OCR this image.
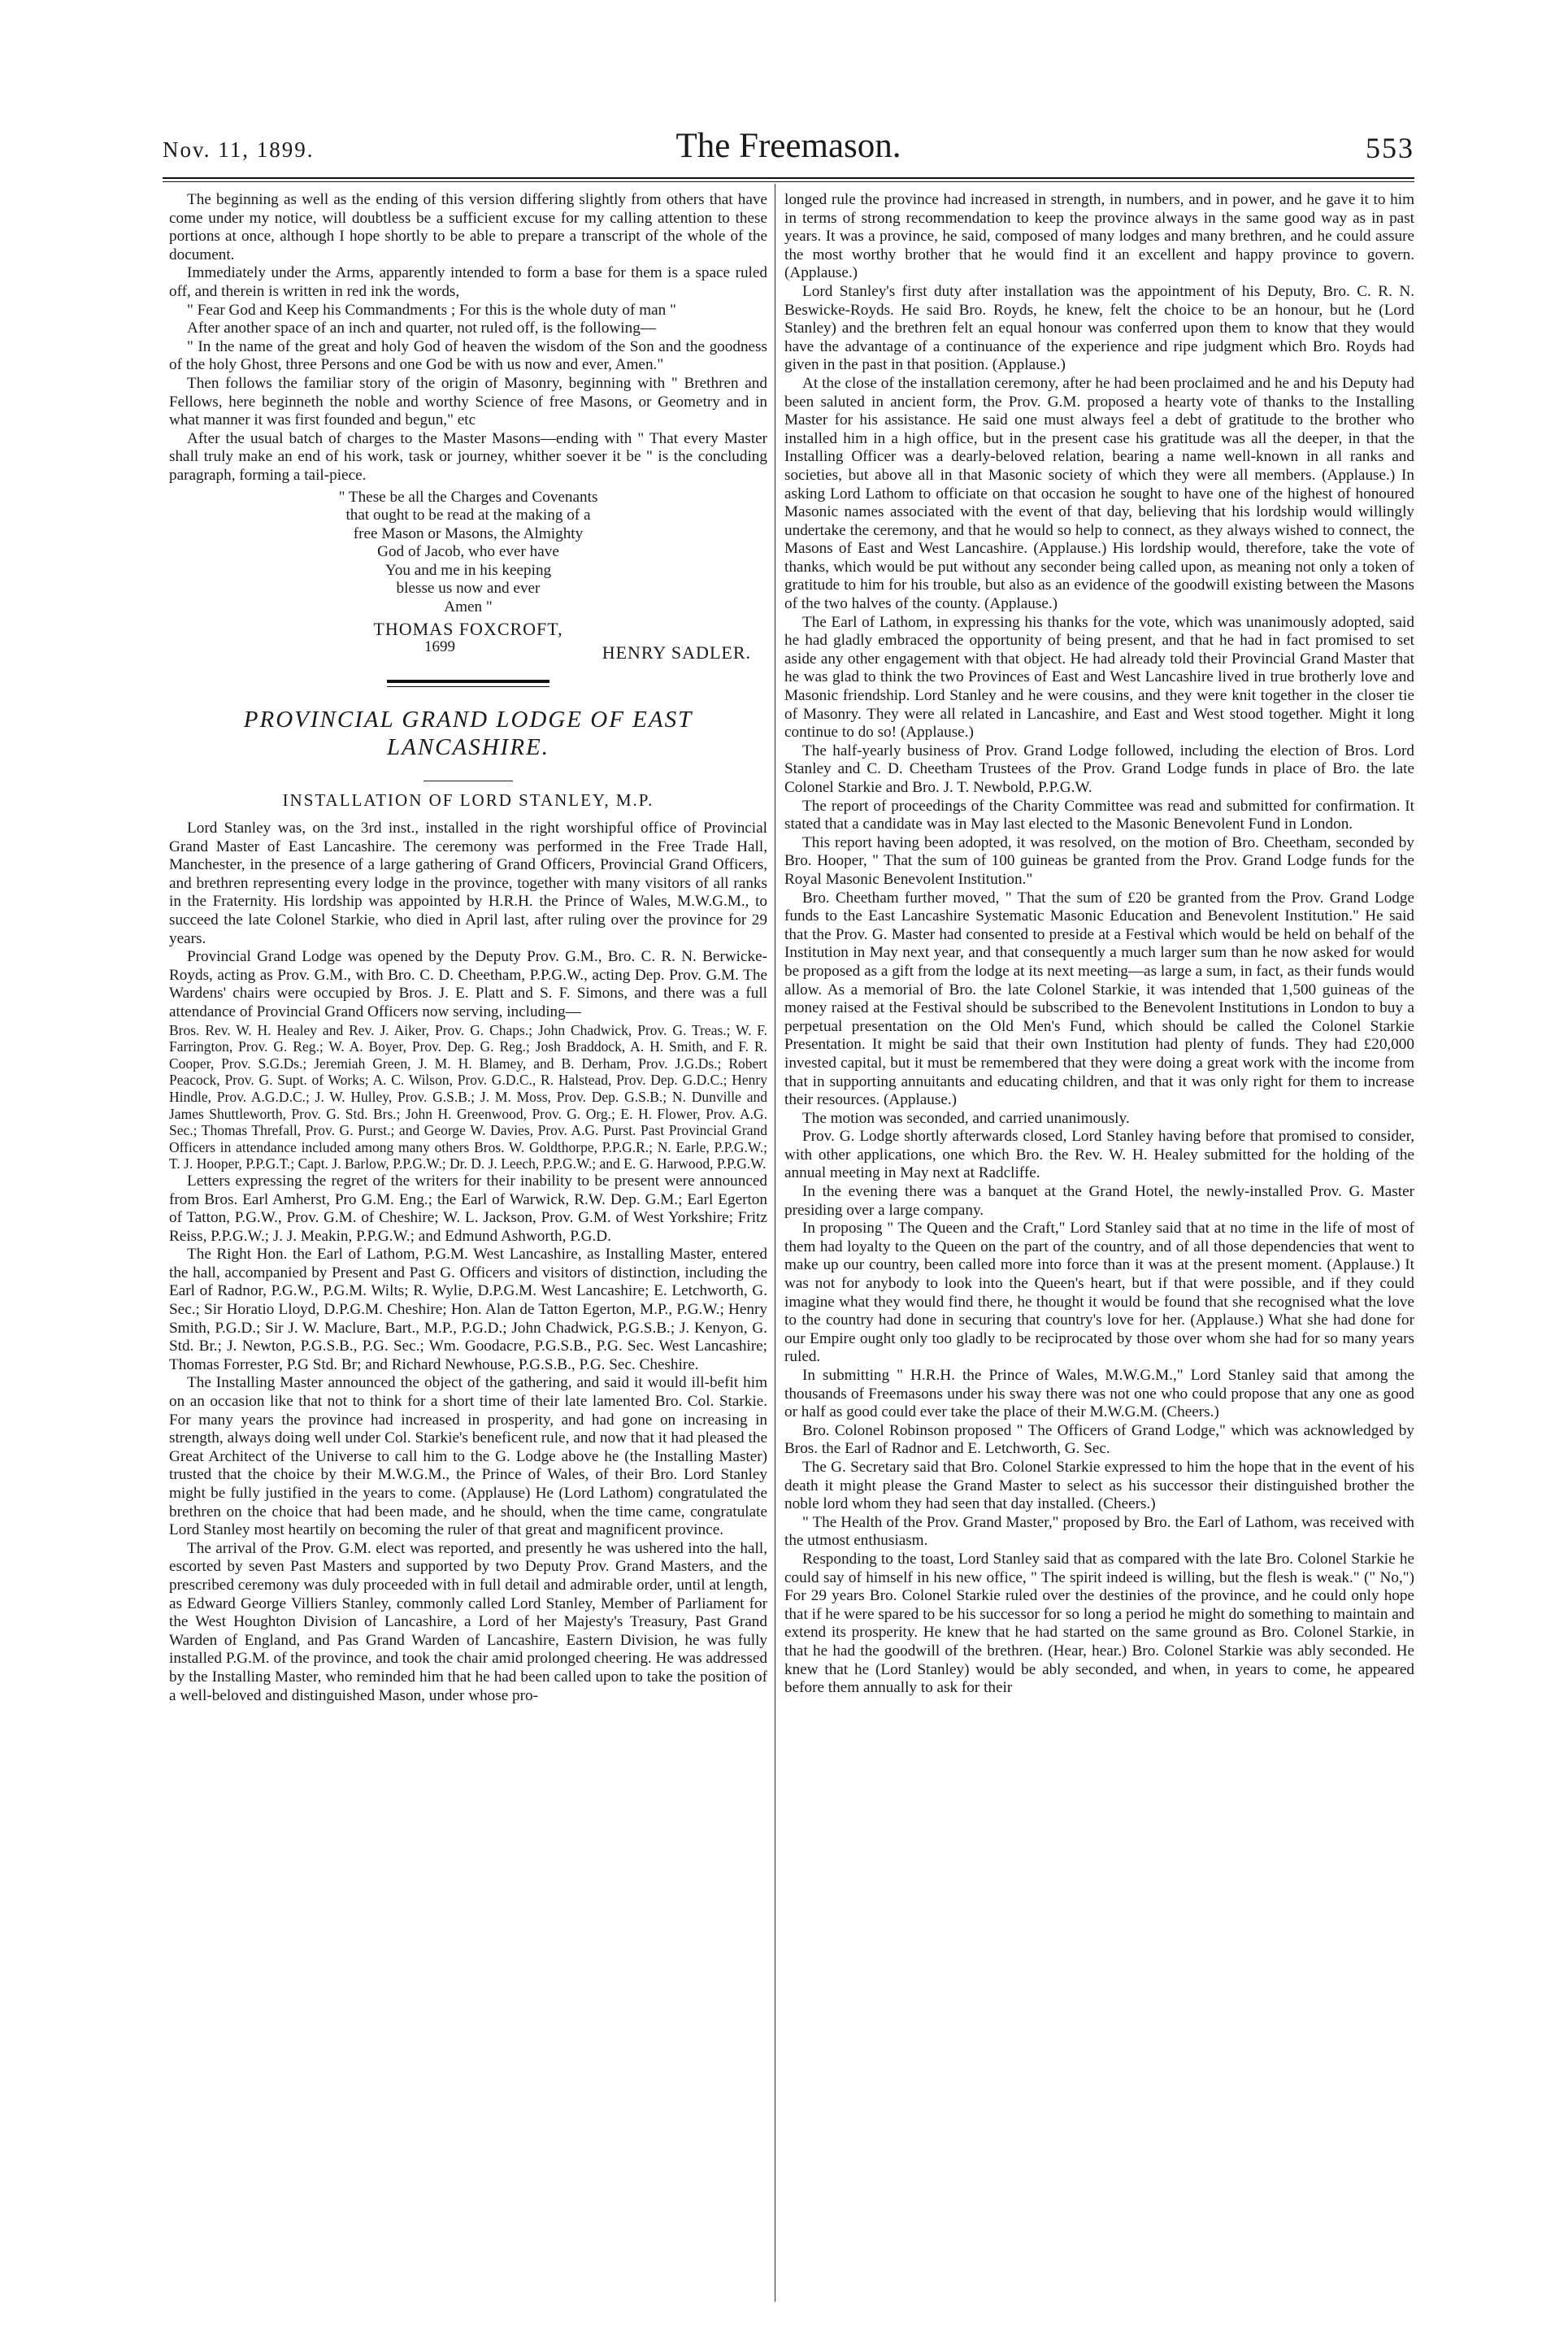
Nov. 11, 1899.	The Freemason.	553

The beginning as well as the ending of this version differing slightly from others that have come under my notice, will doubtless be a sufficient excuse for my calling attention to these portions at once, although I hope shortly to be able to prepare a transcript of the whole of the document.

Immediately under the Arms, apparently intended to form a base for them is a space ruled off, and therein is written in red ink the words,

" Fear God and Keep his Commandments ; For this is the whole duty of man "

After another space of an inch and quarter, not ruled off, is the following—

" In the name of the great and holy God of heaven the wisdom of the Son and the goodness of the holy Ghost, three Persons and one God be with us now and ever, Amen."

Then follows the familiar story of the origin of Masonry, beginning with " Brethren and Fellows, here beginneth the noble and worthy Science of free Masons, or Geometry and in what manner it was first founded and begun," etc

After the usual batch of charges to the Master Masons—ending with " That every Master shall truly make an end of his work, task or journey, whither soever it be " is the concluding paragraph, forming a tail-piece.

" These be all the Charges and Covenants
that ought to be read at the making of a
free Mason or Masons, the Almighty
God of Jacob, who ever have
You and me in his keeping
blesse us now and ever
Amen "
THOMAS FOXCROFT,
1699	HENRY SADLER.
PROVINCIAL GRAND LODGE OF EAST LANCASHIRE.
INSTALLATION OF LORD STANLEY, M.P.

Lord Stanley was, on the 3rd inst., installed in the right worshipful office of Provincial Grand Master of East Lancashire. The ceremony was performed in the Free Trade Hall, Manchester, in the presence of a large gathering of Grand Officers, Provincial Grand Officers, and brethren representing every lodge in the province, together with many visitors of all ranks in the Fraternity. His lordship was appointed by H.R.H. the Prince of Wales, M.W.G.M., to succeed the late Colonel Starkie, who died in April last, after ruling over the province for 29 years.

Provincial Grand Lodge was opened by the Deputy Prov. G.M., Bro. C. R. N. Berwicke-Royds, acting as Prov. G.M., with Bro. C. D. Cheetham, P.P.G.W., acting Dep. Prov. G.M. The Wardens' chairs were occupied by Bros. J. E. Platt and S. F. Simons, and there was a full attendance of Provincial Grand Officers now serving, including—

Bros. Rev. W. H. Healey and Rev. J. Aiker, Prov. G. Chaps.; John Chadwick, Prov. G. Treas.; W. F. Farrington, Prov. G. Reg.; W. A. Boyer, Prov. Dep. G. Reg.; Josh Braddock, A. H. Smith, and F. R. Cooper, Prov. S.G.Ds.; Jeremiah Green, J. M. H. Blamey, and B. Derham, Prov. J.G.Ds.; Robert Peacock, Prov. G. Supt. of Works; A. C. Wilson, Prov. G.D.C., R. Halstead, Prov. Dep. G.D.C.; Henry Hindle, Prov. A.G.D.C.; J. W. Hulley, Prov. G.S.B.; J. M. Moss, Prov. Dep. G.S.B.; N. Dunville and James Shuttleworth, Prov. G. Std. Brs.; John H. Greenwood, Prov. G. Org.; E. H. Flower, Prov. A.G. Sec.; Thomas Threfall, Prov. G. Purst.; and George W. Davies, Prov. A.G. Purst. Past Provincial Grand Officers in attendance included among many others Bros. W. Goldthorpe, P.P.G.R.; N. Earle, P.P.G.W.; T. J. Hooper, P.P.G.T.; Capt. J. Barlow, P.P.G.W.; Dr. D. J. Leech, P.P.G.W.; and E. G. Harwood, P.P.G.W.

Letters expressing the regret of the writers for their inability to be present were announced from Bros. Earl Amherst, Pro G.M. Eng.; the Earl of Warwick, R.W. Dep. G.M.; Earl Egerton of Tatton, P.G.W., Prov. G.M. of Cheshire; W. L. Jackson, Prov. G.M. of West Yorkshire; Fritz Reiss, P.P.G.W.; J. J. Meakin, P.P.G.W.; and Edmund Ashworth, P.G.D.

The Right Hon. the Earl of Lathom, P.G.M. West Lancashire, as Installing Master, entered the hall, accompanied by Present and Past G. Officers and visitors of distinction, including the Earl of Radnor, P.G.W., P.G.M. Wilts; R. Wylie, D.P.G.M. West Lancashire; E. Letchworth, G. Sec.; Sir Horatio Lloyd, D.P.G.M. Cheshire; Hon. Alan de Tatton Egerton, M.P., P.G.W.; Henry Smith, P.G.D.; Sir J. W. Maclure, Bart., M.P., P.G.D.; John Chadwick, P.G.S.B.; J. Kenyon, G. Std. Br.; J. Newton, P.G.S.B., P.G. Sec.; Wm. Goodacre, P.G.S.B., P.G. Sec. West Lancashire; Thomas Forrester, P.G Std. Br; and Richard Newhouse, P.G.S.B., P.G. Sec. Cheshire.

The Installing Master announced the object of the gathering, and said it would ill-befit him on an occasion like that not to think for a short time of their late lamented Bro. Col. Starkie. For many years the province had increased in prosperity, and had gone on increasing in strength, always doing well under Col. Starkie's beneficent rule, and now that it had pleased the Great Architect of the Universe to call him to the G. Lodge above he (the Installing Master) trusted that the choice by their M.W.G.M., the Prince of Wales, of their Bro. Lord Stanley might be fully justified in the years to come. (Applause) He (Lord Lathom) congratulated the brethren on the choice that had been made, and he should, when the time came, congratulate Lord Stanley most heartily on becoming the ruler of that great and magnificent province.

The arrival of the Prov. G.M. elect was reported, and presently he was ushered into the hall, escorted by seven Past Masters and supported by two Deputy Prov. Grand Masters, and the prescribed ceremony was duly proceeded with in full detail and admirable order, until at length, as Edward George Villiers Stanley, commonly called Lord Stanley, Member of Parliament for the West Houghton Division of Lancashire, a Lord of her Majesty's Treasury, Past Grand Warden of England, and Pas Grand Warden of Lancashire, Eastern Division, he was fully installed P.G.M. of the province, and took the chair amid prolonged cheering. He was addressed by the Installing Master, who reminded him that he had been called upon to take the position of a well-beloved and distinguished Mason, under whose pro-

longed rule the province had increased in strength, in numbers, and in power, and he gave it to him in terms of strong recommendation to keep the province always in the same good way as in past years. It was a province, he said, composed of many lodges and many brethren, and he could assure the most worthy brother that he would find it an excellent and happy province to govern. (Applause.)

Lord Stanley's first duty after installation was the appointment of his Deputy, Bro. C. R. N. Beswicke-Royds. He said Bro. Royds, he knew, felt the choice to be an honour, but he (Lord Stanley) and the brethren felt an equal honour was conferred upon them to know that they would have the advantage of a continuance of the experience and ripe judgment which Bro. Royds had given in the past in that position. (Applause.)

At the close of the installation ceremony, after he had been proclaimed and he and his Deputy had been saluted in ancient form, the Prov. G.M. proposed a hearty vote of thanks to the Installing Master for his assistance. He said one must always feel a debt of gratitude to the brother who installed him in a high office, but in the present case his gratitude was all the deeper, in that the Installing Officer was a dearly-beloved relation, bearing a name well-known in all ranks and societies, but above all in that Masonic society of which they were all members. (Applause.) In asking Lord Lathom to officiate on that occasion he sought to have one of the highest of honoured Masonic names associated with the event of that day, believing that his lordship would willingly undertake the ceremony, and that he would so help to connect, as they always wished to connect, the Masons of East and West Lancashire. (Applause.) His lordship would, therefore, take the vote of thanks, which would be put without any seconder being called upon, as meaning not only a token of gratitude to him for his trouble, but also as an evidence of the goodwill existing between the Masons of the two halves of the county. (Applause.)

The Earl of Lathom, in expressing his thanks for the vote, which was unanimously adopted, said he had gladly embraced the opportunity of being present, and that he had in fact promised to set aside any other engagement with that object. He had already told their Provincial Grand Master that he was glad to think the two Provinces of East and West Lancashire lived in true brotherly love and Masonic friendship. Lord Stanley and he were cousins, and they were knit together in the closer tie of Masonry. They were all related in Lancashire, and East and West stood together. Might it long continue to do so! (Applause.)

The half-yearly business of Prov. Grand Lodge followed, including the election of Bros. Lord Stanley and C. D. Cheetham Trustees of the Prov. Grand Lodge funds in place of Bro. the late Colonel Starkie and Bro. J. T. Newbold, P.P.G.W.

The report of proceedings of the Charity Committee was read and submitted for confirmation. It stated that a candidate was in May last elected to the Masonic Benevolent Fund in London.

This report having been adopted, it was resolved, on the motion of Bro. Cheetham, seconded by Bro. Hooper, " That the sum of 100 guineas be granted from the Prov. Grand Lodge funds for the Royal Masonic Benevolent Institution."

Bro. Cheetham further moved, " That the sum of £20 be granted from the Prov. Grand Lodge funds to the East Lancashire Systematic Masonic Education and Benevolent Institution." He said that the Prov. G. Master had consented to preside at a Festival which would be held on behalf of the Institution in May next year, and that consequently a much larger sum than he now asked for would be proposed as a gift from the lodge at its next meeting—as large a sum, in fact, as their funds would allow. As a memorial of Bro. the late Colonel Starkie, it was intended that 1,500 guineas of the money raised at the Festival should be subscribed to the Benevolent Institutions in London to buy a perpetual presentation on the Old Men's Fund, which should be called the Colonel Starkie Presentation. It might be said that their own Institution had plenty of funds. They had £20,000 invested capital, but it must be remembered that they were doing a great work with the income from that in supporting annuitants and educating children, and that it was only right for them to increase their resources. (Applause.)

The motion was seconded, and carried unanimously.

Prov. G. Lodge shortly afterwards closed, Lord Stanley having before that promised to consider, with other applications, one which Bro. the Rev. W. H. Healey submitted for the holding of the annual meeting in May next at Radcliffe.

In the evening there was a banquet at the Grand Hotel, the newly-installed Prov. G. Master presiding over a large company.

In proposing " The Queen and the Craft," Lord Stanley said that at no time in the life of most of them had loyalty to the Queen on the part of the country, and of all those dependencies that went to make up our country, been called more into force than it was at the present moment. (Applause.) It was not for anybody to look into the Queen's heart, but if that were possible, and if they could imagine what they would find there, he thought it would be found that she recognised what the love to the country had done in securing that country's love for her. (Applause.) What she had done for our Empire ought only too gladly to be reciprocated by those over whom she had for so many years ruled.

In submitting " H.R.H. the Prince of Wales, M.W.G.M.," Lord Stanley said that among the thousands of Freemasons under his sway there was not one who could propose that any one as good or half as good could ever take the place of their M.W.G.M. (Cheers.)

Bro. Colonel Robinson proposed " The Officers of Grand Lodge," which was acknowledged by Bros. the Earl of Radnor and E. Letchworth, G. Sec.

The G. Secretary said that Bro. Colonel Starkie expressed to him the hope that in the event of his death it might please the Grand Master to select as his successor their distinguished brother the noble lord whom they had seen that day installed. (Cheers.)

" The Health of the Prov. Grand Master," proposed by Bro. the Earl of Lathom, was received with the utmost enthusiasm.

Responding to the toast, Lord Stanley said that as compared with the late Bro. Colonel Starkie he could say of himself in his new office, " The spirit indeed is willing, but the flesh is weak." (" No,") For 29 years Bro. Colonel Starkie ruled over the destinies of the province, and he could only hope that if he were spared to be his successor for so long a period he might do something to maintain and extend its prosperity. He knew that he had started on the same ground as Bro. Colonel Starkie, in that he had the goodwill of the brethren. (Hear, hear.) Bro. Colonel Starkie was ably seconded. He knew that he (Lord Stanley) would be ably seconded, and when, in years to come, he appeared before them annually to ask for their
